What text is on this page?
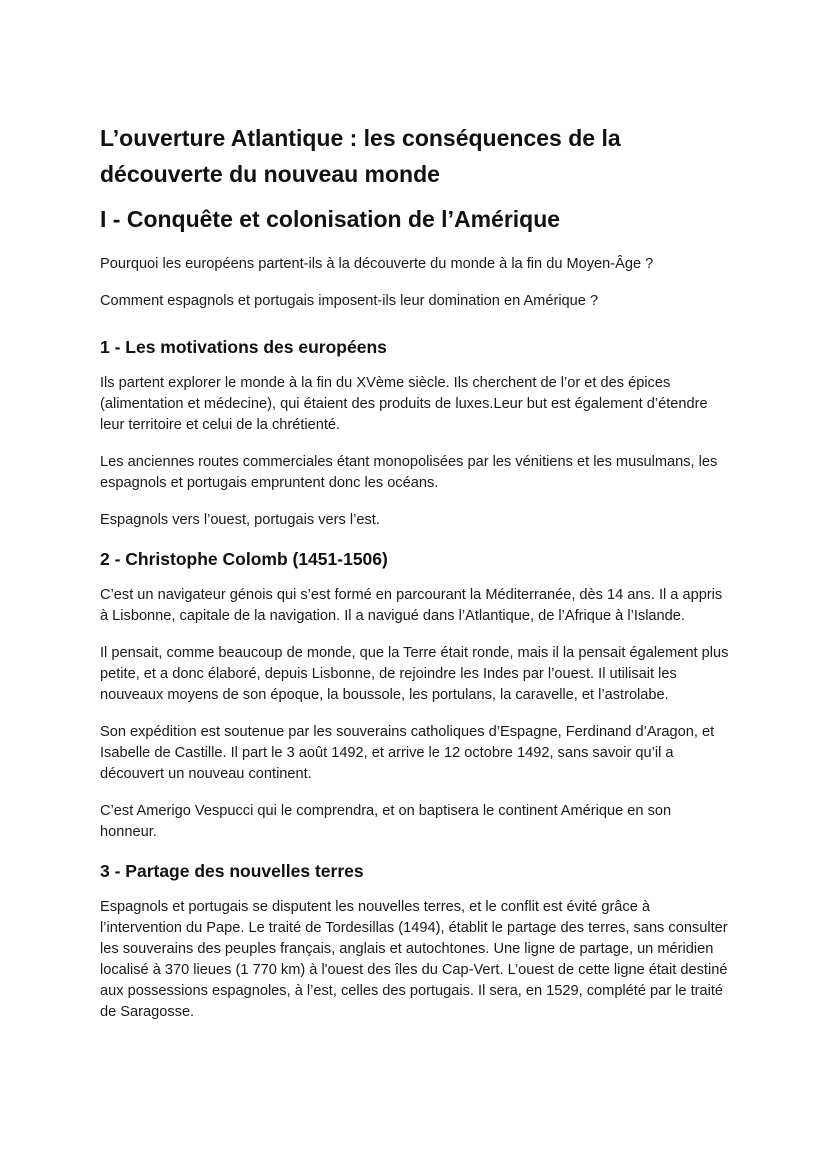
L’ouverture Atlantique : les conséquences de la découverte du nouveau monde
I - Conquête et colonisation de l’Amérique

Pourquoi les européens partent-ils à la découverte du monde à la fin du Moyen-Âge ?

Comment espagnols et portugais imposent-ils leur domination en Amérique ?

1 - Les motivations des européens

Ils partent explorer le monde à la fin du XVème siècle. Ils cherchent de l’or et des épices (alimentation et médecine), qui étaient des produits de luxes.Leur but est également d’étendre leur territoire et celui de la chrétienté.

Les anciennes routes commerciales étant monopolisées par les vénitiens et les musulmans, les espagnols et portugais empruntent donc les océans.

Espagnols vers l’ouest, portugais vers l’est.

2 - Christophe Colomb (1451-1506)

C’est un navigateur génois qui s’est formé en parcourant la Méditerranée, dès 14 ans. Il a appris à Lisbonne, capitale de la navigation. Il a navigué dans l’Atlantique, de l’Afrique à l’Islande.

Il pensait, comme beaucoup de monde, que la Terre était ronde, mais il la pensait également plus petite, et a donc élaboré, depuis Lisbonne, de rejoindre les Indes par l’ouest. Il utilisait les nouveaux moyens de son époque, la boussole, les portulans, la caravelle, et l’astrolabe.

Son expédition est soutenue par les souverains catholiques d’Espagne, Ferdinand d’Aragon, et Isabelle de Castille. Il part le 3 août 1492, et arrive le 12 octobre 1492, sans savoir qu’il a découvert un nouveau continent.

C’est Amerigo Vespucci qui le comprendra, et on baptisera le continent Amérique en son honneur.

3 - Partage des nouvelles terres

Espagnols et portugais se disputent les nouvelles terres, et le conflit est évité grâce à l’intervention du Pape. Le traité de Tordesillas (1494), établit le partage des terres, sans consulter les souverains des peuples français, anglais et autochtones. Une ligne de partage, un méridien localisé à 370 lieues (1 770 km) à l'ouest des îles du Cap-Vert. L’ouest de cette ligne était destiné aux possessions espagnoles, à l’est, celles des portugais. Il sera, en 1529, complété par le traité de Saragosse.
